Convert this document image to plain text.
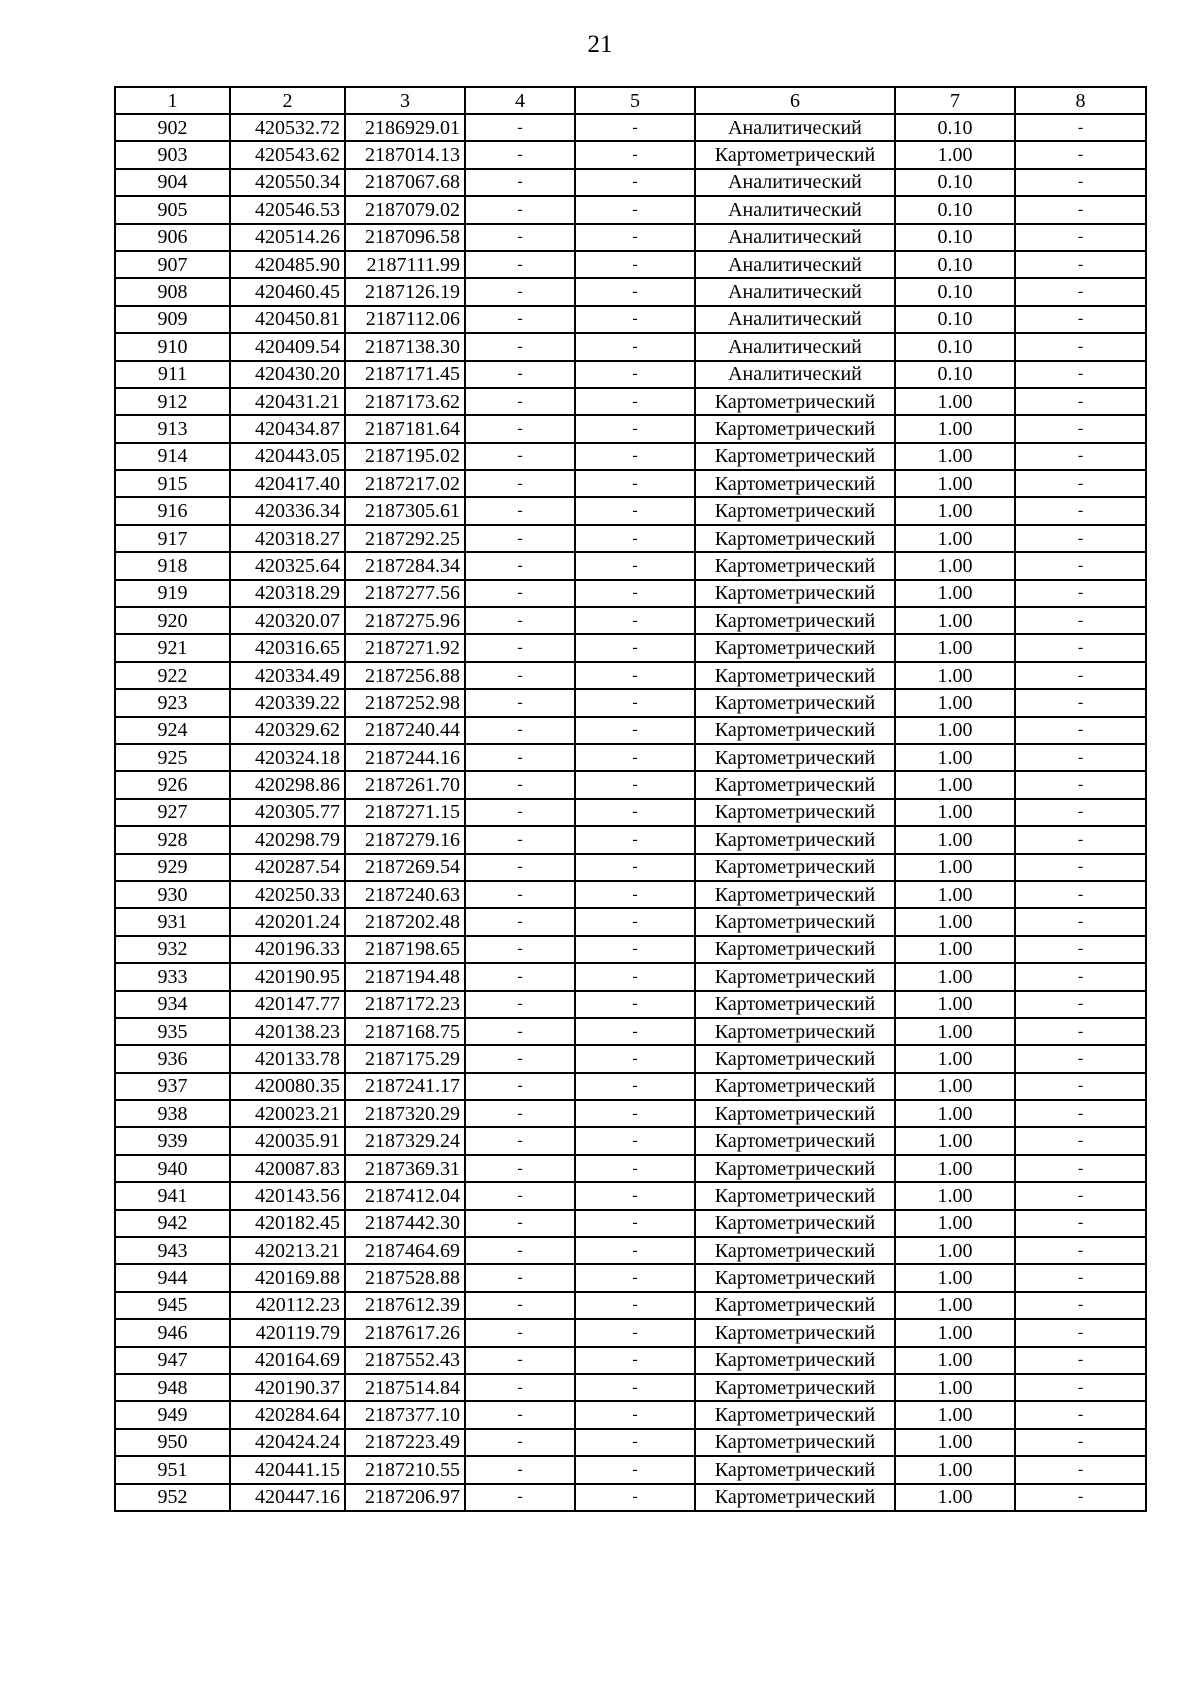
21
1	2	3	4	5	6	7	8
902	420532.72	2186929.01	-	-	Аналитический	0.10	-
903	420543.62	2187014.13	-	-	Картометрический	1.00	-
904	420550.34	2187067.68	-	-	Аналитический	0.10	-
905	420546.53	2187079.02	-	-	Аналитический	0.10	-
906	420514.26	2187096.58	-	-	Аналитический	0.10	-
907	420485.90	2187111.99	-	-	Аналитический	0.10	-
908	420460.45	2187126.19	-	-	Аналитический	0.10	-
909	420450.81	2187112.06	-	-	Аналитический	0.10	-
910	420409.54	2187138.30	-	-	Аналитический	0.10	-
911	420430.20	2187171.45	-	-	Аналитический	0.10	-
912	420431.21	2187173.62	-	-	Картометрический	1.00	-
913	420434.87	2187181.64	-	-	Картометрический	1.00	-
914	420443.05	2187195.02	-	-	Картометрический	1.00	-
915	420417.40	2187217.02	-	-	Картометрический	1.00	-
916	420336.34	2187305.61	-	-	Картометрический	1.00	-
917	420318.27	2187292.25	-	-	Картометрический	1.00	-
918	420325.64	2187284.34	-	-	Картометрический	1.00	-
919	420318.29	2187277.56	-	-	Картометрический	1.00	-
920	420320.07	2187275.96	-	-	Картометрический	1.00	-
921	420316.65	2187271.92	-	-	Картометрический	1.00	-
922	420334.49	2187256.88	-	-	Картометрический	1.00	-
923	420339.22	2187252.98	-	-	Картометрический	1.00	-
924	420329.62	2187240.44	-	-	Картометрический	1.00	-
925	420324.18	2187244.16	-	-	Картометрический	1.00	-
926	420298.86	2187261.70	-	-	Картометрический	1.00	-
927	420305.77	2187271.15	-	-	Картометрический	1.00	-
928	420298.79	2187279.16	-	-	Картометрический	1.00	-
929	420287.54	2187269.54	-	-	Картометрический	1.00	-
930	420250.33	2187240.63	-	-	Картометрический	1.00	-
931	420201.24	2187202.48	-	-	Картометрический	1.00	-
932	420196.33	2187198.65	-	-	Картометрический	1.00	-
933	420190.95	2187194.48	-	-	Картометрический	1.00	-
934	420147.77	2187172.23	-	-	Картометрический	1.00	-
935	420138.23	2187168.75	-	-	Картометрический	1.00	-
936	420133.78	2187175.29	-	-	Картометрический	1.00	-
937	420080.35	2187241.17	-	-	Картометрический	1.00	-
938	420023.21	2187320.29	-	-	Картометрический	1.00	-
939	420035.91	2187329.24	-	-	Картометрический	1.00	-
940	420087.83	2187369.31	-	-	Картометрический	1.00	-
941	420143.56	2187412.04	-	-	Картометрический	1.00	-
942	420182.45	2187442.30	-	-	Картометрический	1.00	-
943	420213.21	2187464.69	-	-	Картометрический	1.00	-
944	420169.88	2187528.88	-	-	Картометрический	1.00	-
945	420112.23	2187612.39	-	-	Картометрический	1.00	-
946	420119.79	2187617.26	-	-	Картометрический	1.00	-
947	420164.69	2187552.43	-	-	Картометрический	1.00	-
948	420190.37	2187514.84	-	-	Картометрический	1.00	-
949	420284.64	2187377.10	-	-	Картометрический	1.00	-
950	420424.24	2187223.49	-	-	Картометрический	1.00	-
951	420441.15	2187210.55	-	-	Картометрический	1.00	-
952	420447.16	2187206.97	-	-	Картометрический	1.00	-
